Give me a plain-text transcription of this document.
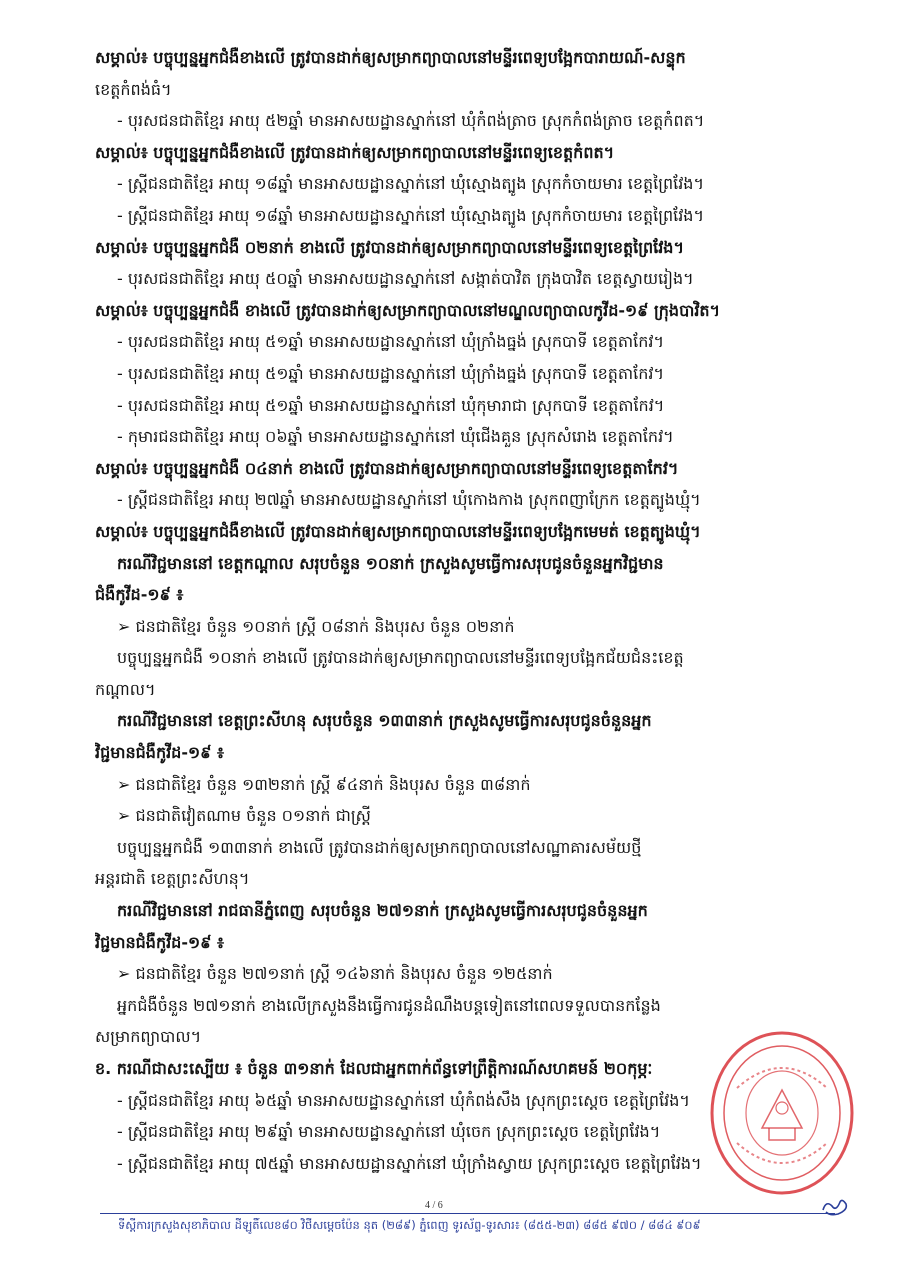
សម្គាល់៖ បច្ចុប្បន្នអ្នកជំងឺខាងលើ ត្រូវបានដាក់ឲ្យសម្រាកព្យាបាលនៅមន្ទីរពេទ្យបង្អែកបារាយណ៍-សន្ទុក
ខេត្តកំពង់ធំ។
- បុរសជនជាតិខ្មែរ អាយុ ៥២ឆ្នាំ មានអាសយដ្ឋានស្នាក់នៅ ឃុំកំពង់ត្រាច ស្រុកកំពង់ត្រាច ខេត្តកំពត។
សម្គាល់៖ បច្ចុប្បន្នអ្នកជំងឺខាងលើ ត្រូវបានដាក់ឲ្យសម្រាកព្យាបាលនៅមន្ទីរពេទ្យខេត្តកំពត។
- ស្ត្រីជនជាតិខ្មែរ អាយុ ១៨ឆ្នាំ មានអាសយដ្ឋានស្នាក់នៅ ឃុំស្មោងត្បូង ស្រុកកំចាយមារ ខេត្តព្រៃវែង។
- ស្ត្រីជនជាតិខ្មែរ អាយុ ១៨ឆ្នាំ មានអាសយដ្ឋានស្នាក់នៅ ឃុំស្មោងត្បូង ស្រុកកំចាយមារ ខេត្តព្រៃវែង។
សម្គាល់៖ បច្ចុប្បន្នអ្នកជំងឺ ០២នាក់ ខាងលើ ត្រូវបានដាក់ឲ្យសម្រាកព្យាបាលនៅមន្ទីរពេទ្យខេត្តព្រៃវែង។
- បុរសជនជាតិខ្មែរ អាយុ ៥០ឆ្នាំ មានអាសយដ្ឋានស្នាក់នៅ សង្កាត់បាវិត ក្រុងបាវិត ខេត្តស្វាយរៀង។
សម្គាល់៖ បច្ចុប្បន្នអ្នកជំងឺ ខាងលើ ត្រូវបានដាក់ឲ្យសម្រាកព្យាបាលនៅមណ្ឌលព្យាបាលកូវីដ-១៩ ក្រុងបាវិត។
- បុរសជនជាតិខ្មែរ អាយុ ៥១ឆ្នាំ មានអាសយដ្ឋានស្នាក់នៅ ឃុំក្រាំងធ្នង់ ស្រុកបាទី ខេត្តតាកែវ។
- បុរសជនជាតិខ្មែរ អាយុ ៥១ឆ្នាំ មានអាសយដ្ឋានស្នាក់នៅ ឃុំក្រាំងធ្នង់ ស្រុកបាទី ខេត្តតាកែវ។
- បុរសជនជាតិខ្មែរ អាយុ ៥១ឆ្នាំ មានអាសយដ្ឋានស្នាក់នៅ ឃុំកុមារាជា ស្រុកបាទី ខេត្តតាកែវ។
- កុមារជនជាតិខ្មែរ អាយុ ០៦ឆ្នាំ មានអាសយដ្ឋានស្នាក់នៅ ឃុំជើងគួន ស្រុកសំរោង ខេត្តតាកែវ។
សម្គាល់៖ បច្ចុប្បន្នអ្នកជំងឺ ០៤នាក់ ខាងលើ ត្រូវបានដាក់ឲ្យសម្រាកព្យាបាលនៅមន្ទីរពេទ្យខេត្តតាកែវ។
- ស្ត្រីជនជាតិខ្មែរ អាយុ ២៧ឆ្នាំ មានអាសយដ្ឋានស្នាក់នៅ ឃុំកោងកាង ស្រុកពញាក្រែក ខេត្តត្បូងឃ្មុំ។
សម្គាល់៖ បច្ចុប្បន្នអ្នកជំងឺខាងលើ ត្រូវបានដាក់ឲ្យសម្រាកព្យាបាលនៅមន្ទីរពេទ្យបង្អែកមេមត់ ខេត្តត្បូងឃ្មុំ។
ករណីវិជ្ជមាននៅ ខេត្តកណ្តាល សរុបចំនួន ១០នាក់ ក្រសួងសូមធ្វើការសរុបជូនចំនួនអ្នកវិជ្ជមាន
ជំងឺកូវីដ-១៩ ៖
➢ ជនជាតិខ្មែរ ចំនួន ១០នាក់ ស្ត្រី ០៨នាក់ និងបុរស ចំនួន ០២នាក់
បច្ចុប្បន្នអ្នកជំងឺ ១០នាក់ ខាងលើ ត្រូវបានដាក់ឲ្យសម្រាកព្យាបាលនៅមន្ទីរពេទ្យបង្អែកជ័យជំនះខេត្ត
កណ្តាល។
ករណីវិជ្ជមាននៅ ខេត្តព្រះសីហនុ សរុបចំនួន ១៣៣នាក់ ក្រសួងសូមធ្វើការសរុបជូនចំនួនអ្នក
វិជ្ជមានជំងឺកូវីដ-១៩ ៖
➢ ជនជាតិខ្មែរ ចំនួន ១៣២នាក់ ស្ត្រី ៩៤នាក់ និងបុរស ចំនួន ៣៨នាក់
➢ ជនជាតិវៀតណាម ចំនួន ០១នាក់ ជាស្ត្រី
បច្ចុប្បន្នអ្នកជំងឺ ១៣៣នាក់ ខាងលើ ត្រូវបានដាក់ឲ្យសម្រាកព្យាបាលនៅសណ្ឋាគារសម័យថ្មី
អន្តរជាតិ ខេត្តព្រះសីហនុ។
ករណីវិជ្ជមាននៅ រាជធានីភ្នំពេញ សរុបចំនួន ២៧១នាក់ ក្រសួងសូមធ្វើការសរុបជូនចំនួនអ្នក
វិជ្ជមានជំងឺកូវីដ-១៩ ៖
➢ ជនជាតិខ្មែរ ចំនួន ២៧១នាក់ ស្ត្រី ១៤៦នាក់ និងបុរស ចំនួន ១២៥នាក់
អ្នកជំងឺចំនួន ២៧១នាក់ ខាងលើក្រសួងនឹងធ្វើការជូនដំណឹងបន្តទៀតនៅពេលទទួលបានកន្លែង
សម្រាកព្យាបាល។
ខ. ករណីជាសះស្បើយ ៖ ចំនួន ៣១នាក់ ដែលជាអ្នកពាក់ព័ន្ធទៅព្រឹត្តិការណ៍សហគមន៍ ២០កុម្ភៈ
- ស្ត្រីជនជាតិខ្មែរ អាយុ ៦៥ឆ្នាំ មានអាសយដ្ឋានស្នាក់នៅ ឃុំកំពង់សឹង ស្រុកព្រះស្តេច ខេត្តព្រៃវែង។
- ស្ត្រីជនជាតិខ្មែរ អាយុ ២៩ឆ្នាំ មានអាសយដ្ឋានស្នាក់នៅ ឃុំចេក ស្រុកព្រះស្តេច ខេត្តព្រៃវែង។
- ស្ត្រីជនជាតិខ្មែរ អាយុ ៧៥ឆ្នាំ មានអាសយដ្ឋានស្នាក់នៅ ឃុំក្រាំងស្វាយ ស្រុកព្រះស្តេច ខេត្តព្រៃវែង។
4 / 6
ទីស្តីការក្រសួងសុខាភិបាល ដីឡូតិ៍លេខ៨០ វិថីសម្តេចប៉ែន នុត (២៨៩) ភ្នំពេញ ទូរស័ព្ទ-ទូរសារ៖ (៨៥៥-២៣) ៨៨៥ ៩៧០ / ៨៨៤ ៩០៩
